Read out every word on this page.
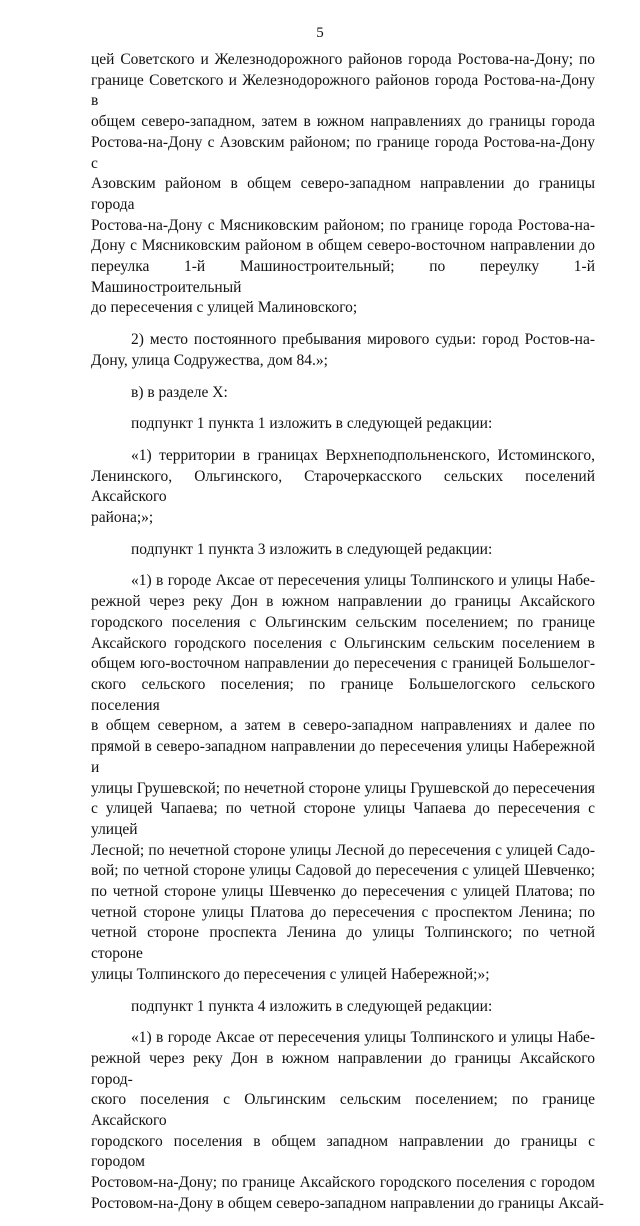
5
цей Советского и Железнодорожного районов города Ростова-на-Дону; по
границе Советского и Железнодорожного районов города Ростова-на-Дону в
общем северо-западном, затем в южном направлениях до границы города
Ростова-на-Дону с Азовским районом; по границе города Ростова-на-Дону с
Азовским районом в общем северо-западном направлении до границы города
Ростова-на-Дону с Мясниковским районом; по границе города Ростова-на-
Дону с Мясниковским районом в общем северо-восточном направлении до
переулка 1-й Машиностроительный; по переулку 1-й Машиностроительный
до пересечения с улицей Малиновского;
2) место постоянного пребывания мирового судьи: город Ростов-на-
Дону, улица Содружества, дом 84.»;
в) в разделе X:
подпункт 1 пункта 1 изложить в следующей редакции:
«1) территории в границах Верхнеподпольненского, Истоминского,
Ленинского, Ольгинского, Старочеркасского сельских поселений Аксайского
района;»;
подпункт 1 пункта 3 изложить в следующей редакции:
«1) в городе Аксае от пересечения улицы Толпинского и улицы Набе-
режной через реку Дон в южном направлении до границы Аксайского
городского поселения с Ольгинским сельским поселением; по границе
Аксайского городского поселения с Ольгинским сельским поселением в
общем юго-восточном направлении до пересечения с границей Большелог-
ского сельского поселения; по границе Большелогского сельского поселения
в общем северном, а затем в северо-западном направлениях и далее по
прямой в северо-западном направлении до пересечения улицы Набережной и
улицы Грушевской; по нечетной стороне улицы Грушевской до пересечения
с улицей Чапаева; по четной стороне улицы Чапаева до пересечения с улицей
Лесной; по нечетной стороне улицы Лесной до пересечения с улицей Садо-
вой; по четной стороне улицы Садовой до пересечения с улицей Шевченко;
по четной стороне улицы Шевченко до пересечения с улицей Платова; по
четной стороне улицы Платова до пересечения с проспектом Ленина; по
четной стороне проспекта Ленина до улицы Толпинского; по четной стороне
улицы Толпинского до пересечения с улицей Набережной;»;
подпункт 1 пункта 4 изложить в следующей редакции:
«1) в городе Аксае от пересечения улицы Толпинского и улицы Набе-
режной через реку Дон в южном направлении до границы Аксайского город-
ского поселения с Ольгинским сельским поселением; по границе Аксайского
городского поселения в общем западном направлении до границы с городом
Ростовом-на-Дону; по границе Аксайского городского поселения с городом
Ростовом-на-Дону в общем северо-западном направлении до границы Аксай-
